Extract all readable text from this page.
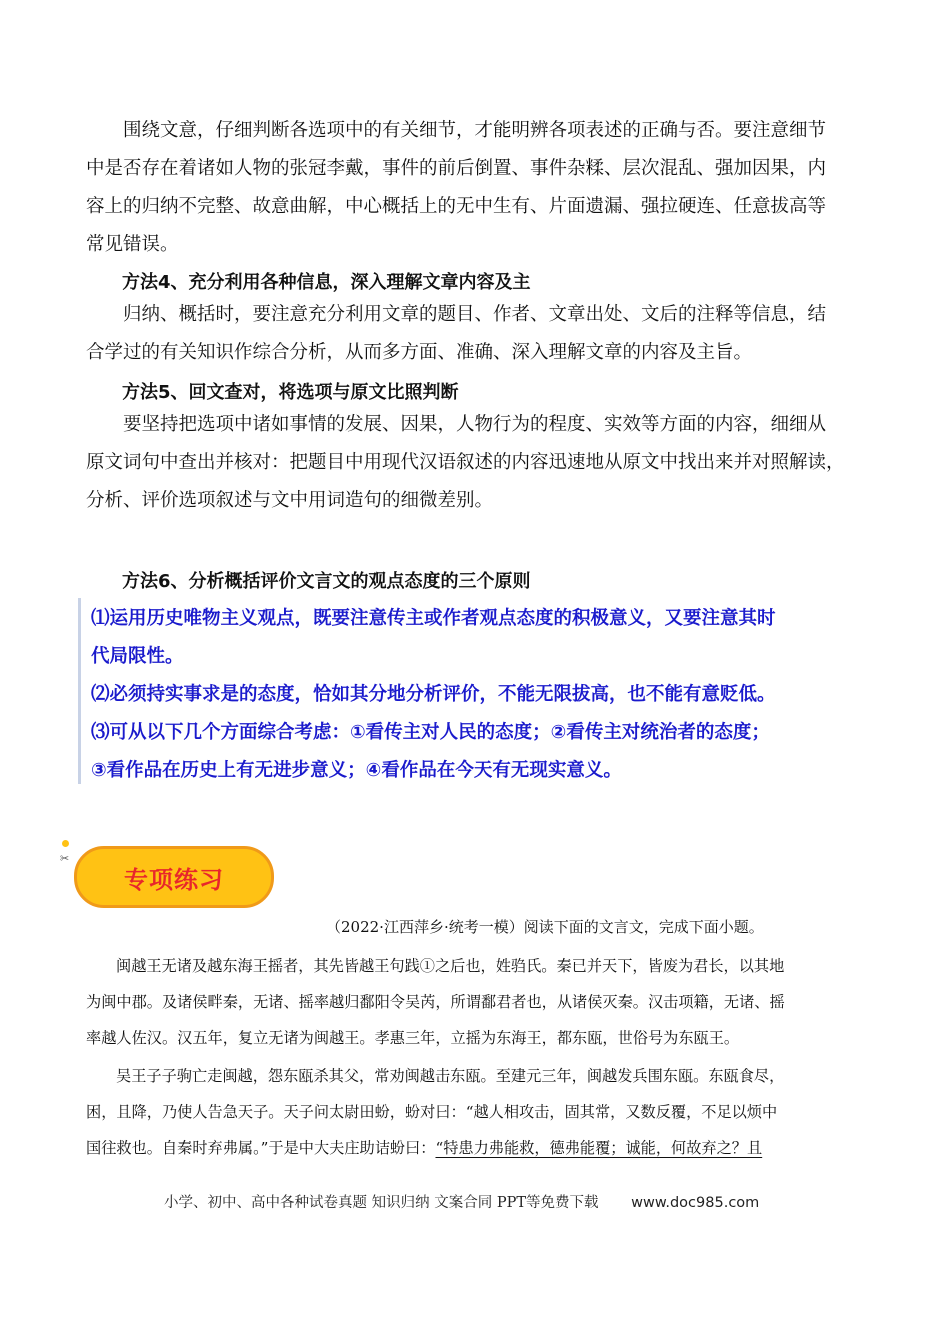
围绕文意，仔细判断各选项中的有关细节，才能明辨各项表述的正确与否。要注意细节
中是否存在着诸如人物的张冠李戴，事件的前后倒置、事件杂糅、层次混乱、强加因果，内
容上的归纳不完整、故意曲解，中心概括上的无中生有、片面遗漏、强拉硬连、任意拔高等
常见错误。
方法4、充分利用各种信息，深入理解文章内容及主
归纳、概括时，要注意充分利用文章的题目、作者、文章出处、文后的注释等信息，结
合学过的有关知识作综合分析，从而多方面、准确、深入理解文章的内容及主旨。
方法5、回文查对，将选项与原文比照判断
要坚持把选项中诸如事情的发展、因果，人物行为的程度、实效等方面的内容，细细从
原文词句中查出并核对：把题目中用现代汉语叙述的内容迅速地从原文中找出来并对照解读，
分析、评价选项叙述与文中用词造句的细微差别。
方法6、分析概括评价文言文的观点态度的三个原则
⑴运用历史唯物主义观点，既要注意传主或作者观点态度的积极意义，又要注意其时
代局限性。
⑵必须持实事求是的态度，恰如其分地分析评价，不能无限拔高，也不能有意贬低。
⑶可从以下几个方面综合考虑：①看传主对人民的态度；②看传主对统治者的态度；
③看作品在历史上有无进步意义；④看作品在今天有无现实意义。
✂
专项练习
（2022·江西萍乡·统考一模）阅读下面的文言文，完成下面小题。
闽越王无诸及越东海王摇者，其先皆越王句践①之后也，姓驺氏。秦已并天下，皆废为君长，以其地
为闽中郡。及诸侯畔秦，无诸、摇率越归鄱阳令吴芮，所谓鄱君者也，从诸侯灭秦。汉击项籍，无诸、摇
率越人佐汉。汉五年，复立无诸为闽越王。孝惠三年，立摇为东海王，都东瓯，世俗号为东瓯王。
吴王子子驹亡走闽越，怨东瓯杀其父，常劝闽越击东瓯。至建元三年，闽越发兵围东瓯。东瓯食尽，
困，且降，乃使人告急天子。天子问太尉田蚡，蚡对曰：“越人相攻击，固其常，又数反覆，不足以烦中
国往救也。自秦时弃弗属。”于是中大夫庄助诘蚡曰：“特患力弗能救，德弗能覆；诚能，何故弃之？且
小学、初中、高中各种试卷真题 知识归纳 文案合同 PPT等免费下载 www.doc985.com
